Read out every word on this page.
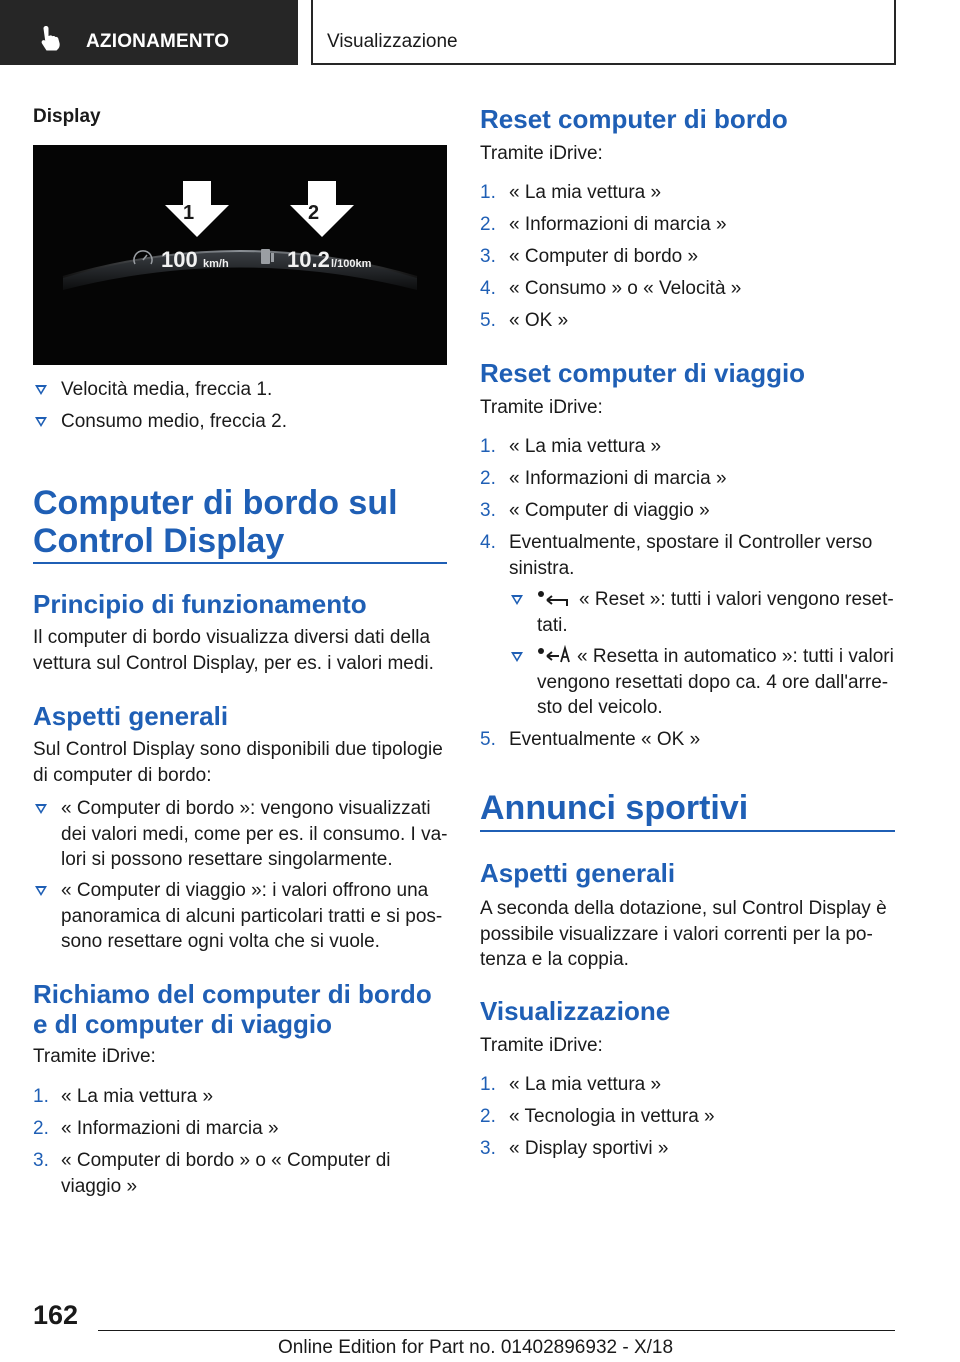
AZIONAMENTO	Visualizzazione
Display
1	2
100 km/h	10.2 l/100km
Velocità media, freccia 1.
Consumo medio, freccia 2.
Computer di bordo sul
Control Display
Principio di funzionamento
Il computer di bordo visualizza diversi dati della
vettura sul Control Display, per es. i valori medi.
Aspetti generali
Sul Control Display sono disponibili due tipologie
di computer di bordo:
« Computer di bordo »: vengono visualizzati
dei valori medi, come per es. il consumo. I va-
lori si possono resettare singolarmente.
« Computer di viaggio »: i valori offrono una
panoramica di alcuni particolari tratti e si pos-
sono resettare ogni volta che si vuole.
Richiamo del computer di bordo
e dl computer di viaggio
Tramite iDrive:
1. « La mia vettura »
2. « Informazioni di marcia »
3. « Computer di bordo » o « Computer di
viaggio »
Reset computer di bordo
Tramite iDrive:
1. « La mia vettura »
2. « Informazioni di marcia »
3. « Computer di bordo »
4. « Consumo » o « Velocità »
5. « OK »
Reset computer di viaggio
Tramite iDrive:
1. « La mia vettura »
2. « Informazioni di marcia »
3. « Computer di viaggio »
4. Eventualmente, spostare il Controller verso
sinistra.
« Reset »: tutti i valori vengono reset-
tati.
« Resetta in automatico »: tutti i valori
vengono resettati dopo ca. 4 ore dall'arre-
sto del veicolo.
5. Eventualmente « OK »
Annunci sportivi
Aspetti generali
A seconda della dotazione, sul Control Display è
possibile visualizzare i valori correnti per la po-
tenza e la coppia.
Visualizzazione
Tramite iDrive:
1. « La mia vettura »
2. « Tecnologia in vettura »
3. « Display sportivi »
162
Online Edition for Part no. 01402896932 - X/18
